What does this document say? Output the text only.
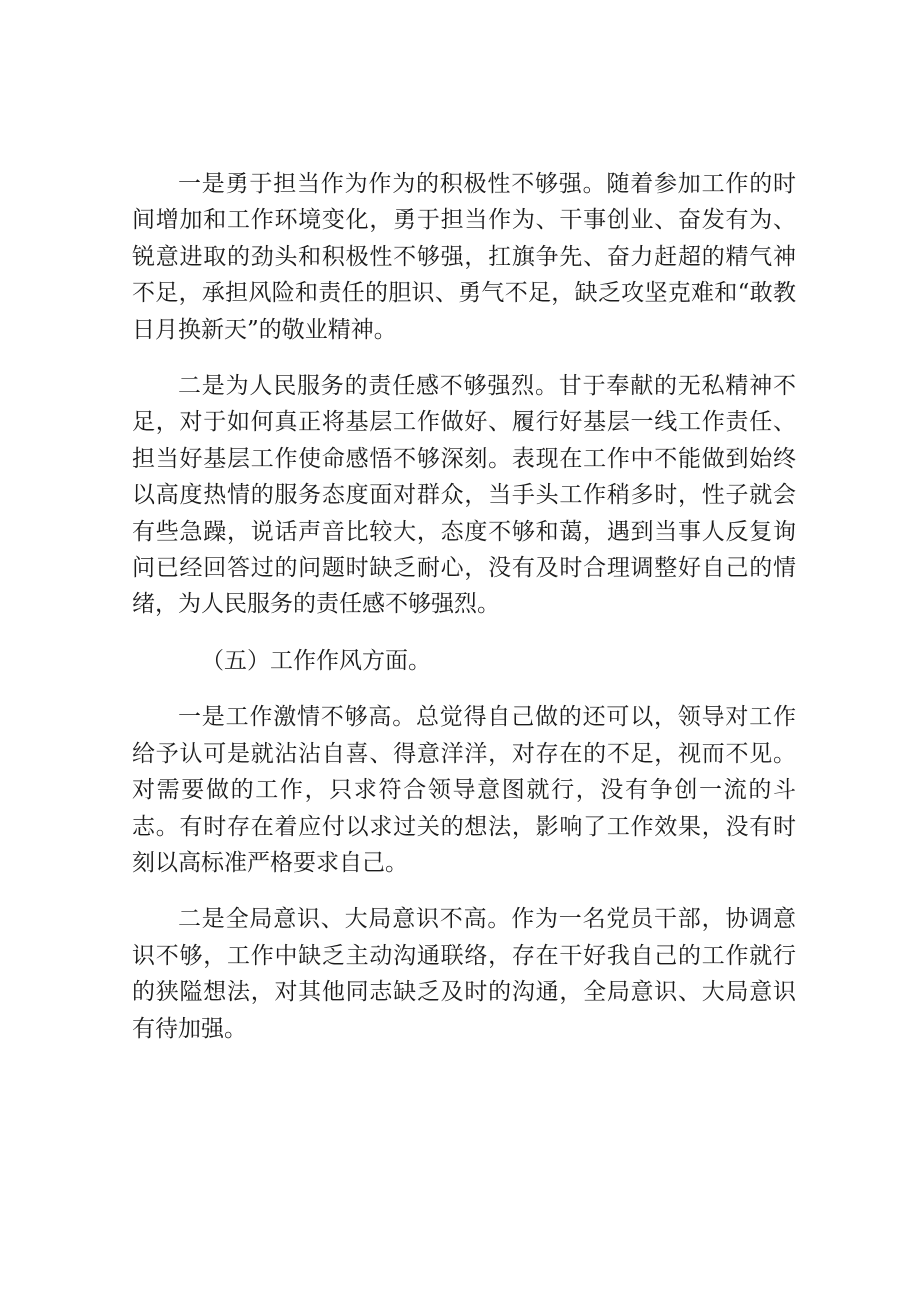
一是勇于担当作为作为的积极性不够强。随着参加工作的时间增加和工作环境变化，勇于担当作为、干事创业、奋发有为、锐意进取的劲头和积极性不够强，扛旗争先、奋力赶超的精气神不足，承担风险和责任的胆识、勇气不足，缺乏攻坚克难和“敢教日月换新天”的敬业精神。

二是为人民服务的责任感不够强烈。甘于奉献的无私精神不足，对于如何真正将基层工作做好、履行好基层一线工作责任、担当好基层工作使命感悟不够深刻。表现在工作中不能做到始终以高度热情的服务态度面对群众，当手头工作稍多时，性子就会有些急躁，说话声音比较大，态度不够和蔼，遇到当事人反复询问已经回答过的问题时缺乏耐心，没有及时合理调整好自己的情绪，为人民服务的责任感不够强烈。

（五）工作作风方面。

一是工作激情不够高。总觉得自己做的还可以，领导对工作给予认可是就沾沾自喜、得意洋洋，对存在的不足，视而不见。对需要做的工作，只求符合领导意图就行，没有争创一流的斗志。有时存在着应付以求过关的想法，影响了工作效果，没有时刻以高标准严格要求自己。

二是全局意识、大局意识不高。作为一名党员干部，协调意识不够，工作中缺乏主动沟通联络，存在干好我自己的工作就行的狭隘想法，对其他同志缺乏及时的沟通，全局意识、大局意识有待加强。
